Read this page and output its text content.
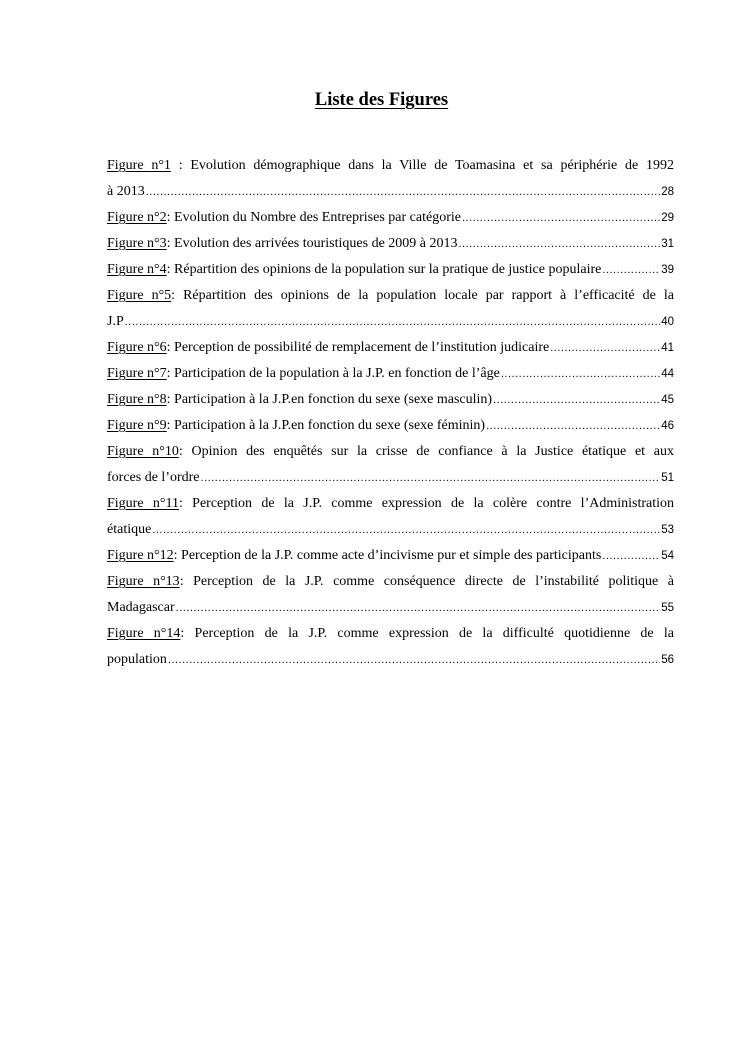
Liste des Figures
Figure n°1 : Evolution démographique dans la Ville de Toamasina et sa périphérie de 1992
à 2013 .....	28
Figure n°2 : Evolution du Nombre des Entreprises par catégorie .....	29
Figure n°3 : Evolution des arrivées touristiques de 2009 à 2013 .....	31
Figure n°4 : Répartition des opinions de la population sur la pratique de justice populaire .....	39
Figure n°5: Répartition des opinions de la population locale par rapport à l’efficacité de la
J.P .....	40
Figure n°6 : Perception de possibilité de remplacement de l’institution judicaire .....	41
Figure n°7 : Participation de la population à la J.P. en fonction de l’âge .....	44
Figure n°8 : Participation à la J.P.en fonction du sexe (sexe masculin) .....	45
Figure n°9 : Participation à la J.P.en fonction du sexe (sexe féminin) .....	46
Figure n°10: Opinion des enquêtés sur la crisse de confiance à la Justice étatique et aux
forces de l’ordre .....	51
Figure n°11: Perception de la J.P. comme expression de la colère contre l’Administration
étatique .....	53
Figure n°12 : Perception de la J.P. comme acte d’incivisme pur et simple des participants .....	54
Figure n°13: Perception de la J.P. comme conséquence directe de l’instabilité politique à
Madagascar .....	55
Figure n°14: Perception de la J.P. comme expression de la difficulté quotidienne de la
population .....	56
